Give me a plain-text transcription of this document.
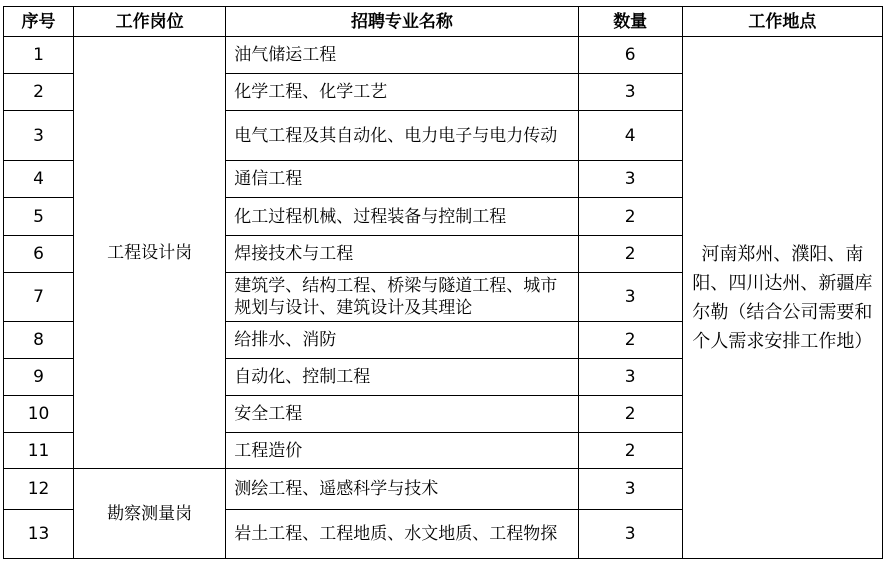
序号	工作岗位	招聘专业名称	数量	工作地点
1	工程设计岗	油气储运工程	6	河南郑州、濮阳、南阳、四川达州、新疆库尔勒（结合公司需要和个人需求安排工作地）
2		化学工程、化学工艺	3	
3		电气工程及其自动化、电力电子与电力传动	4	
4		通信工程	3	
5		化工过程机械、过程装备与控制工程	2	
6		焊接技术与工程	2	
7		建筑学、结构工程、桥梁与隧道工程、城市规划与设计、建筑设计及其理论	3	
8		给排水、消防	2	
9		自动化、控制工程	3	
10		安全工程	2	
11		工程造价	2	
12	勘察测量岗	测绘工程、遥感科学与技术	3	
13		岩土工程、工程地质、水文地质、工程物探	3	
